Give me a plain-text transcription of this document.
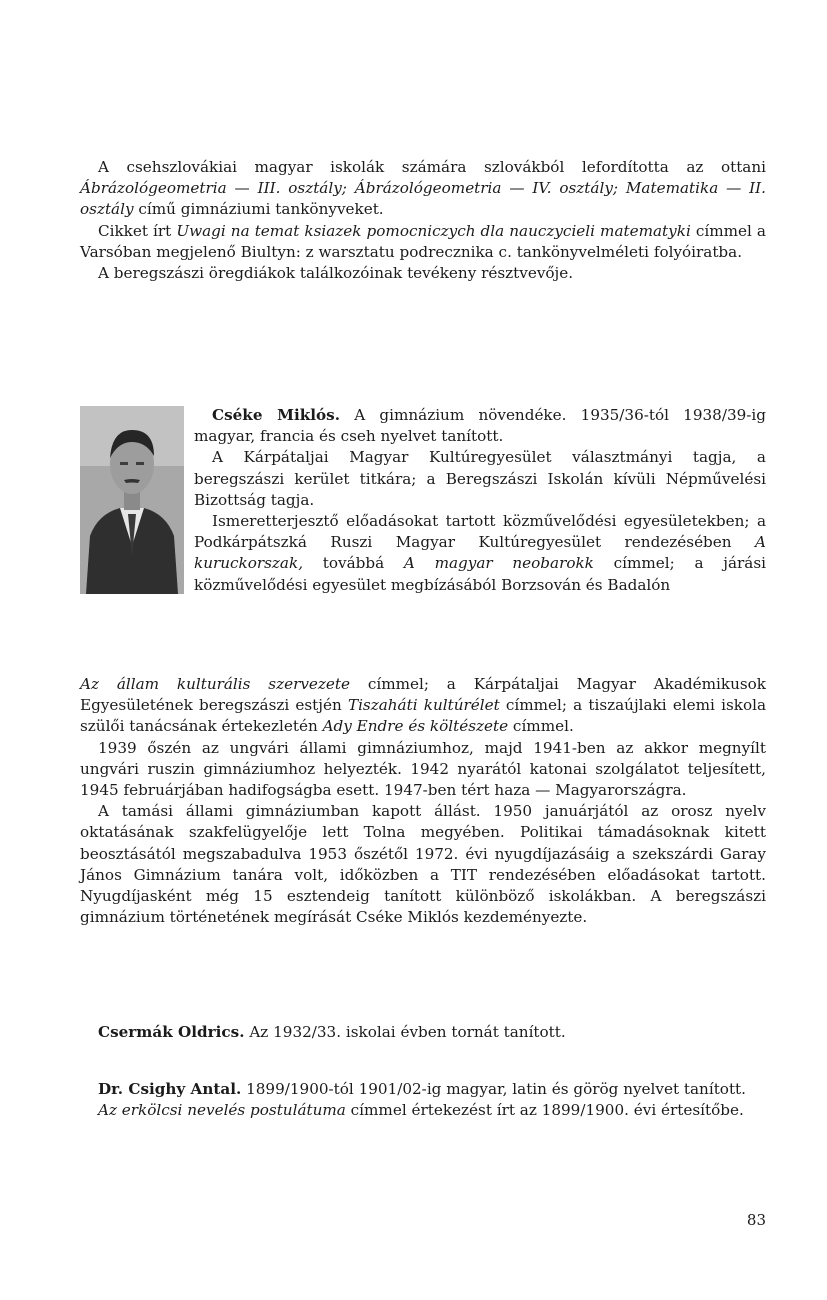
A csehszlovákiai magyar iskolák számára szlovákból lefordította az ottani Ábrázológeometria — III. osztály; Ábrázológeometria — IV. osztály; Matematika — II. osztály című gimnáziumi tankönyveket.

Cikket írt Uwagi na temat ksiazek pomocniczych dla nauczycieli matematyki címmel a Varsóban megjelenő Biultyn: z warsztatu podrecznika c. tankönyvelméleti folyóiratba.

A beregszászi öregdiákok találkozóinak tevékeny résztvevője.

Cséke Miklós. A gimnázium növendéke. 1935/36-tól 1938/39-ig magyar, francia és cseh nyelvet tanított.

A Kárpátaljai Magyar Kultúregyesület választmányi tagja, a beregszászi kerület titkára; a Beregszászi Iskolán kívüli Népművelési Bizottság tagja.

Ismeretterjesztő előadásokat tartott közművelődési egyesületekben; a Podkárpátszká Ruszi Magyar Kultúregyesület rendezésében A kuruckorszak, továbbá A magyar neobarokk címmel; a járási közművelődési egyesület megbízásából Borzsován és Badalón

Az állam kulturális szervezete címmel; a Kárpátaljai Magyar Akadémikusok Egyesületének beregszászi estjén Tiszaháti kultúrélet címmel; a tiszaújlaki elemi iskola szülői tanácsának értekezletén Ady Endre és költészete címmel.

1939 őszén az ungvári állami gimnáziumhoz, majd 1941-ben az akkor megnyílt ungvári ruszin gimnáziumhoz helyezték. 1942 nyarától katonai szolgálatot teljesített, 1945 februárjában hadifogságba esett. 1947-ben tért haza — Magyarországra.

A tamási állami gimnáziumban kapott állást. 1950 januárjától az orosz nyelv oktatásának szakfelügyelője lett Tolna megyében. Politikai támadásoknak kitett beosztásától megszabadulva 1953 őszétől 1972. évi nyugdíjazásáig a szekszárdi Garay János Gimnázium tanára volt, időközben a TIT rendezésében előadásokat tartott. Nyugdíjasként még 15 esztendeig tanított különböző iskolákban. A beregszászi gimnázium történetének megírását Cséke Miklós kezdeményezte.

Csermák Oldrics. Az 1932/33. iskolai évben tornát tanított.

Dr. Csighy Antal. 1899/1900-tól 1901/02-ig magyar, latin és görög nyelvet tanított.

Az erkölcsi nevelés postulátuma címmel értekezést írt az 1899/1900. évi értesítőbe.

83
